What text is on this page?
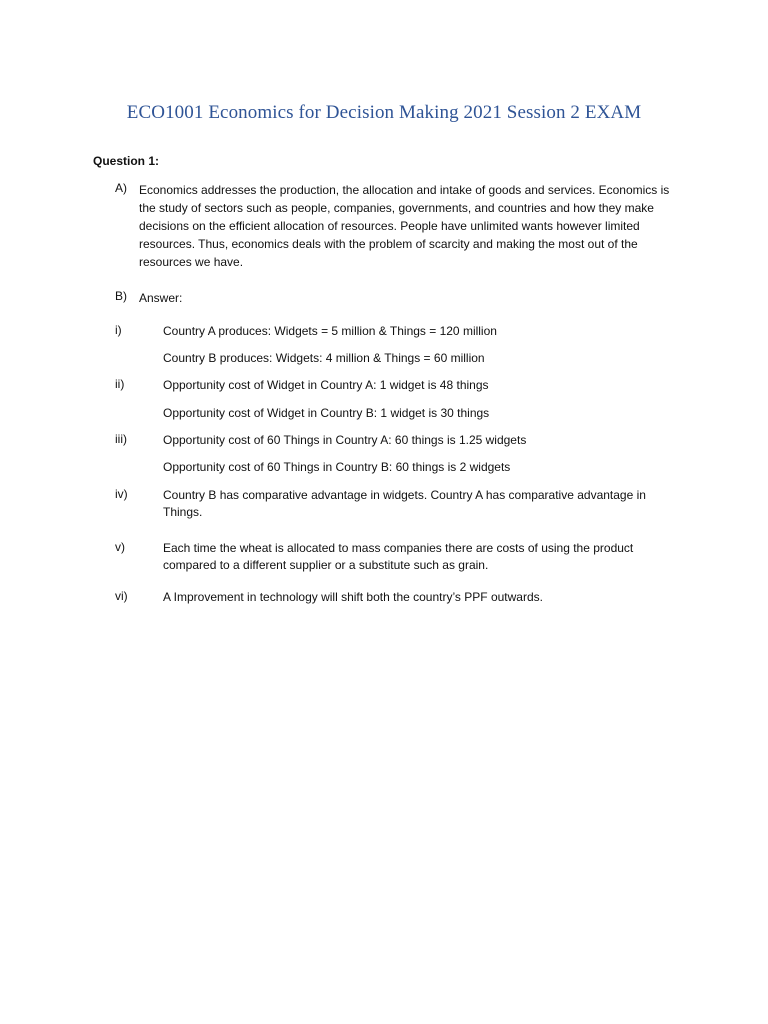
ECO1001 Economics for Decision Making 2021 Session 2 EXAM
Question 1:
A) Economics addresses the production, the allocation and intake of goods and services. Economics is the study of sectors such as people, companies, governments, and countries and how they make decisions on the efficient allocation of resources. People have unlimited wants however limited resources. Thus, economics deals with the problem of scarcity and making the most out of the resources we have.
B) Answer:
i)	Country A produces: Widgets = 5 million & Things = 120 million
Country B produces: Widgets: 4 million & Things = 60 million
ii)	Opportunity cost of Widget in Country A: 1 widget is 48 things
Opportunity cost of Widget in Country B: 1 widget is 30 things
iii)	Opportunity cost of 60 Things in Country A: 60 things is 1.25 widgets
Opportunity cost of 60 Things in Country B: 60 things is 2 widgets
iv)	Country B has comparative advantage in widgets. Country A has comparative advantage in Things.
v)	Each time the wheat is allocated to mass companies there are costs of using the product compared to a different supplier or a substitute such as grain.
vi)	A Improvement in technology will shift both the country’s PPF outwards.
